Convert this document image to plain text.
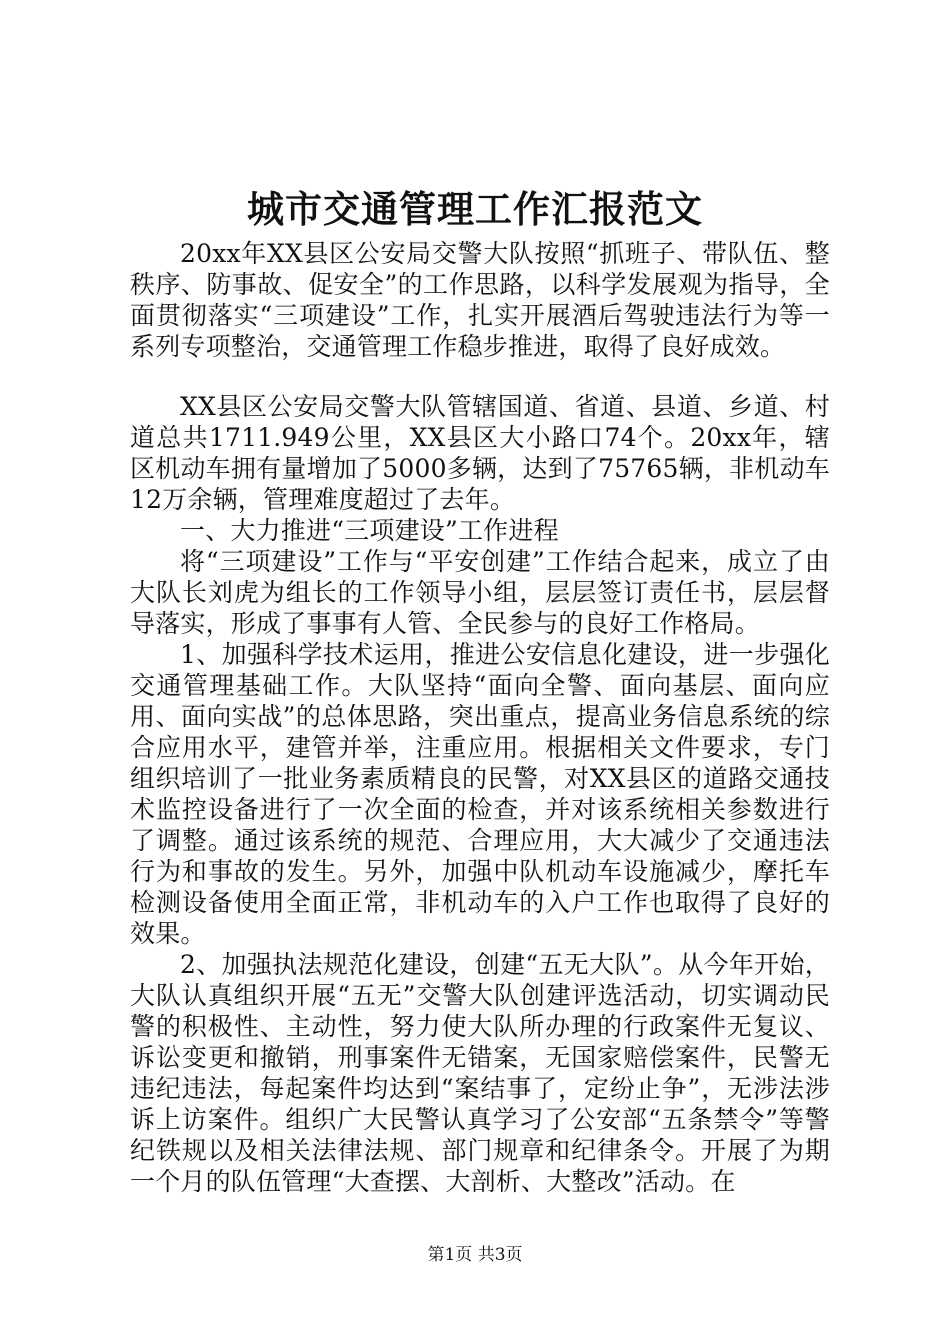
城市交通管理工作汇报范文

20xx年XX县区公安局交警大队按照“抓班子、带队伍、整秩序、防事故、促安全”的工作思路，以科学发展观为指导，全面贯彻落实“三项建设”工作，扎实开展酒后驾驶违法行为等一系列专项整治，交通管理工作稳步推进，取得了良好成效。

XX县区公安局交警大队管辖国道、省道、县道、乡道、村道总共1711.949公里，XX县区大小路口74个。20xx年，辖区机动车拥有量增加了5000多辆，达到了75765辆，非机动车12万余辆，管理难度超过了去年。

一、大力推进“三项建设”工作进程

将“三项建设”工作与“平安创建”工作结合起来，成立了由大队长刘虎为组长的工作领导小组，层层签订责任书，层层督导落实，形成了事事有人管、全民参与的良好工作格局。

1、加强科学技术运用，推进公安信息化建设，进一步强化交通管理基础工作。大队坚持“面向全警、面向基层、面向应用、面向实战”的总体思路，突出重点，提高业务信息系统的综合应用水平，建管并举，注重应用。根据相关文件要求，专门组织培训了一批业务素质精良的民警，对XX县区的道路交通技术监控设备进行了一次全面的检查，并对该系统相关参数进行了调整。通过该系统的规范、合理应用，大大减少了交通违法行为和事故的发生。另外，加强中队机动车设施减少，摩托车检测设备使用全面正常，非机动车的入户工作也取得了良好的效果。

2、加强执法规范化建设，创建“五无大队”。从今年开始，大队认真组织开展“五无”交警大队创建评选活动，切实调动民警的积极性、主动性，努力使大队所办理的行政案件无复议、诉讼变更和撤销，刑事案件无错案，无国家赔偿案件，民警无违纪违法，每起案件均达到“案结事了，定纷止争”，无涉法涉诉上访案件。组织广大民警认真学习了公安部“五条禁令”等警纪铁规以及相关法律法规、部门规章和纪律条令。开展了为期一个月的队伍管理“大查摆、大剖析、大整改”活动。在

第1页 共3页
